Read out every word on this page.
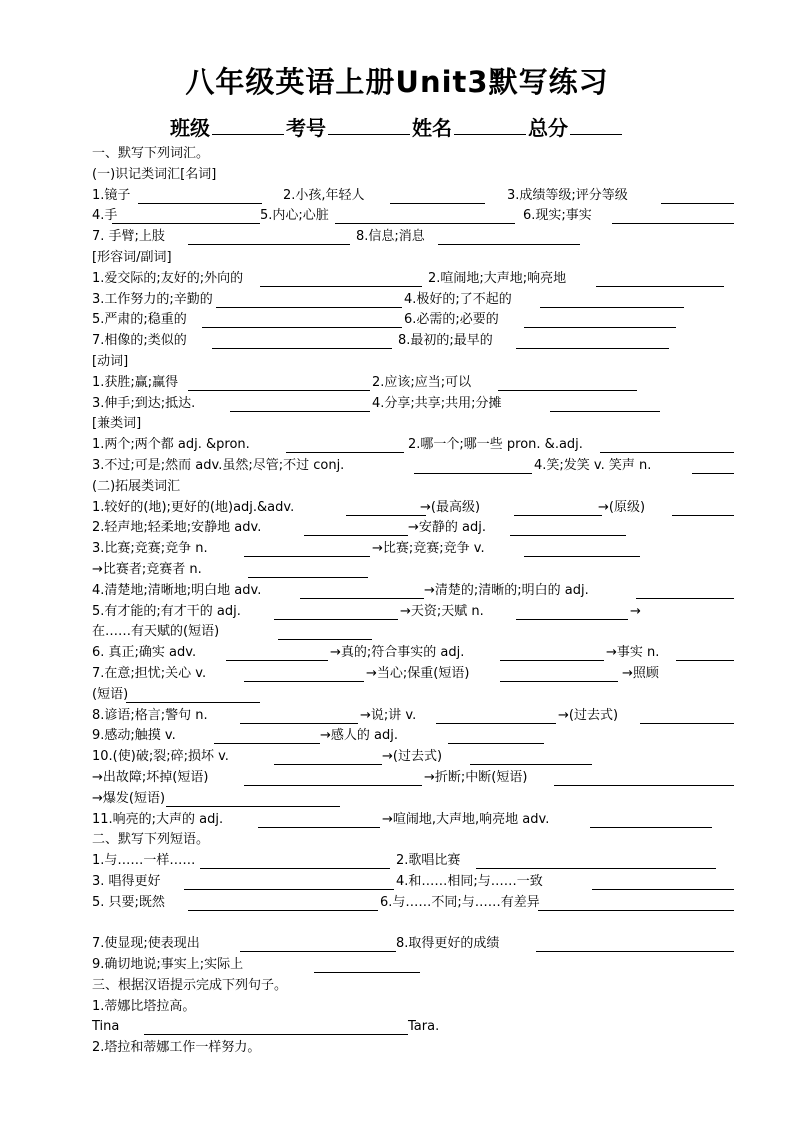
八年级英语上册Unit3默写练习
班级	考号	姓名	总分
一、默写下列词汇。
(一)识记类词汇[名词]
1.镜子	2.小孩,年轻人	3.成绩等级;评分等级
4.手	5.内心;心脏	6.现实;事实
7. 手臂;上肢	8.信息;消息
[形容词/副词]
1.爱交际的;友好的;外向的	2.喧闹地;大声地;响亮地
3.工作努力的;辛勤的	4.极好的;了不起的
5.严肃的;稳重的	6.必需的;必要的
7.相像的;类似的	8.最初的;最早的
[动词]
1.获胜;赢;赢得	2.应该;应当;可以
3.伸手;到达;抵达.	4.分享;共享;共用;分摊
[兼类词]
1.两个;两个都 adj. &pron.	2.哪一个;哪一些 pron. &.adj.
3.不过;可是;然而 adv.虽然;尽管;不过 conj.	4.笑;发笑 v. 笑声 n.
(二)拓展类词汇
1.较好的(地);更好的(地)adj.&adv.	→(最高级)	→(原级)
2.轻声地;轻柔地;安静地 adv.	→安静的 adj.
3.比赛;竞赛;竞争 n.	→比赛;竞赛;竞争 v.
→比赛者;竞赛者 n.
4.清楚地;清晰地;明白地 adv.	→清楚的;清晰的;明白的 adj.
5.有才能的;有才干的 adj.	→天资;天赋 n.	→
在……有天赋的(短语)
6. 真正;确实 adv.	→真的;符合事实的 adj.	→事实 n.
7.在意;担忧;关心 v.	→当心;保重(短语)	→照顾
(短语)
8.谚语;格言;警句 n.	→说;讲 v.	→(过去式)
9.感动;触摸 v.	→感人的 adj.
10.(使)破;裂;碎;损坏 v.	→(过去式)
→出故障;坏掉(短语)	→折断;中断(短语)
→爆发(短语)
11.响亮的;大声的 adj.	→喧闹地,大声地,响亮地 adv.
二、默写下列短语。
1.与……一样……	2.歌唱比赛
3. 唱得更好	4.和……相同;与……一致
5. 只要;既然	6.与……不同;与……有差异
7.使显现;使表现出	8.取得更好的成绩
9.确切地说;事实上;实际上
三、根据汉语提示完成下列句子。
1.蒂娜比塔拉高。
Tina	Tara.
2.塔拉和蒂娜工作一样努力。
